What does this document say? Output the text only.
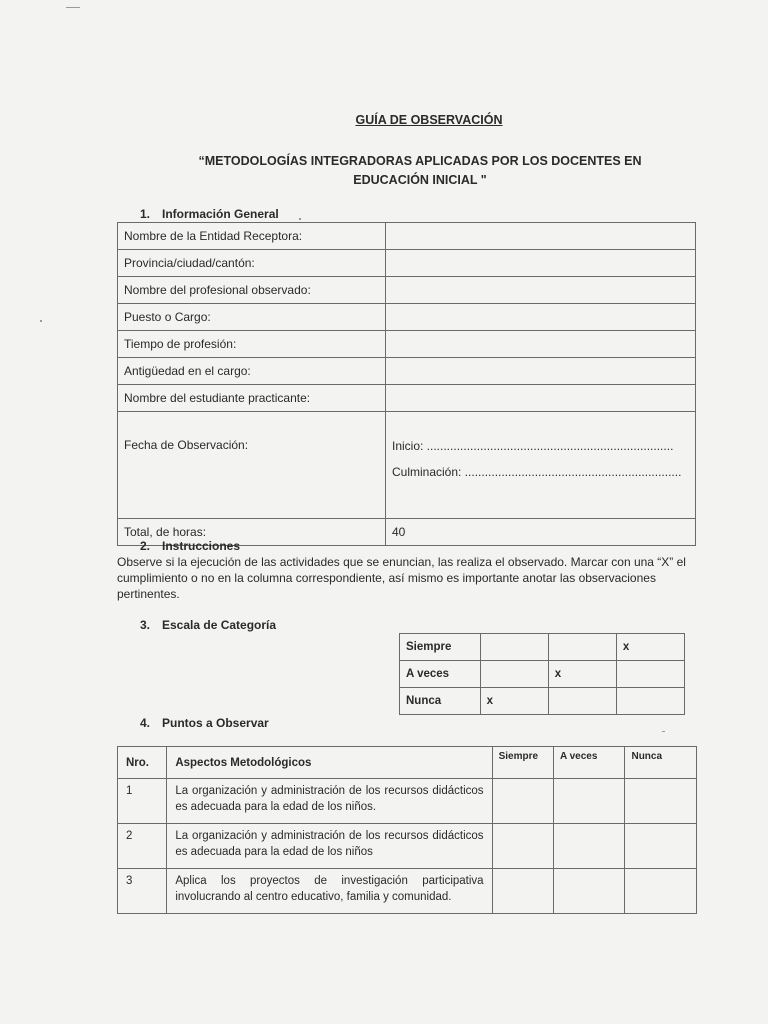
GUÍA DE OBSERVACIÓN
“METODOLOGÍAS INTEGRADORAS APLICADAS POR LOS DOCENTES EN
EDUCACIÓN INICIAL "
1. Información General
Nombre de la Entidad Receptora:	
Provincia/ciudad/cantón:	
Nombre del profesional observado:	
Puesto o Cargo:	
Tiempo de profesión:	
Antigüedad en el cargo:	
Nombre del estudiante practicante:	
Fecha de Observación:	Inicio: ..........................................................................
Culminación: .................................................................

Total, de horas:	40
2. Instrucciones
Observe si la ejecución de las actividades que se enuncian, las realiza el observado. Marcar con una “X” el cumplimiento o no en la columna correspondiente, así mismo es importante anotar las observaciones pertinentes.
3. Escala de Categoría
Siempre			x
A veces		x	
Nunca	x		
4. Puntos a Observar
Nro.	Aspectos Metodológicos	Siempre	A veces	Nunca
1	La organización y administración de los recursos didácticos es adecuada para la edad de los niños.			
2	La organización y administración de los recursos didácticos es adecuada para la edad de los niños			
3	Aplica los proyectos de investigación participativa involucrando al centro educativo, familia y comunidad.			
